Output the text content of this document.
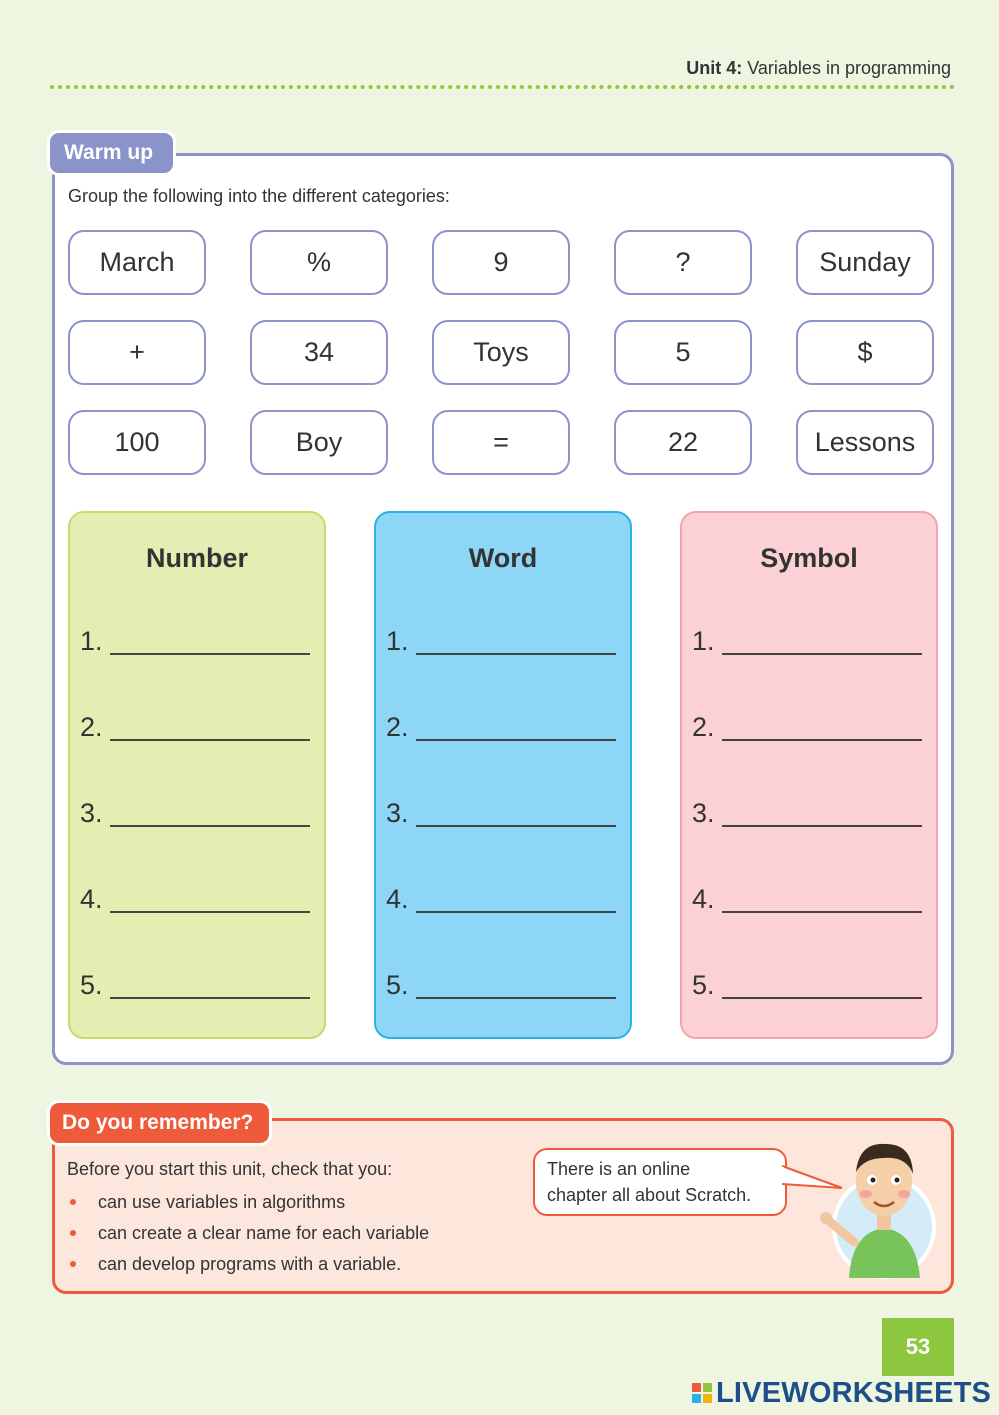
Unit 4: Variables in programming
Warm up
Group the following into the different categories:
March	%	9	?	Sunday
+	34	Toys	5	$
100	Boy	=	22	Lessons
Number
1.
2.
3.
4.
5.
Word
1.
2.
3.
4.
5.
Symbol
1.
2.
3.
4.
5.
Do you remember?
Before you start this unit, check that you:
can use variables in algorithms
can create a clear name for each variable
can develop programs with a variable.
There is an online
chapter all about Scratch.
53
LIVEWORKSHEETS
